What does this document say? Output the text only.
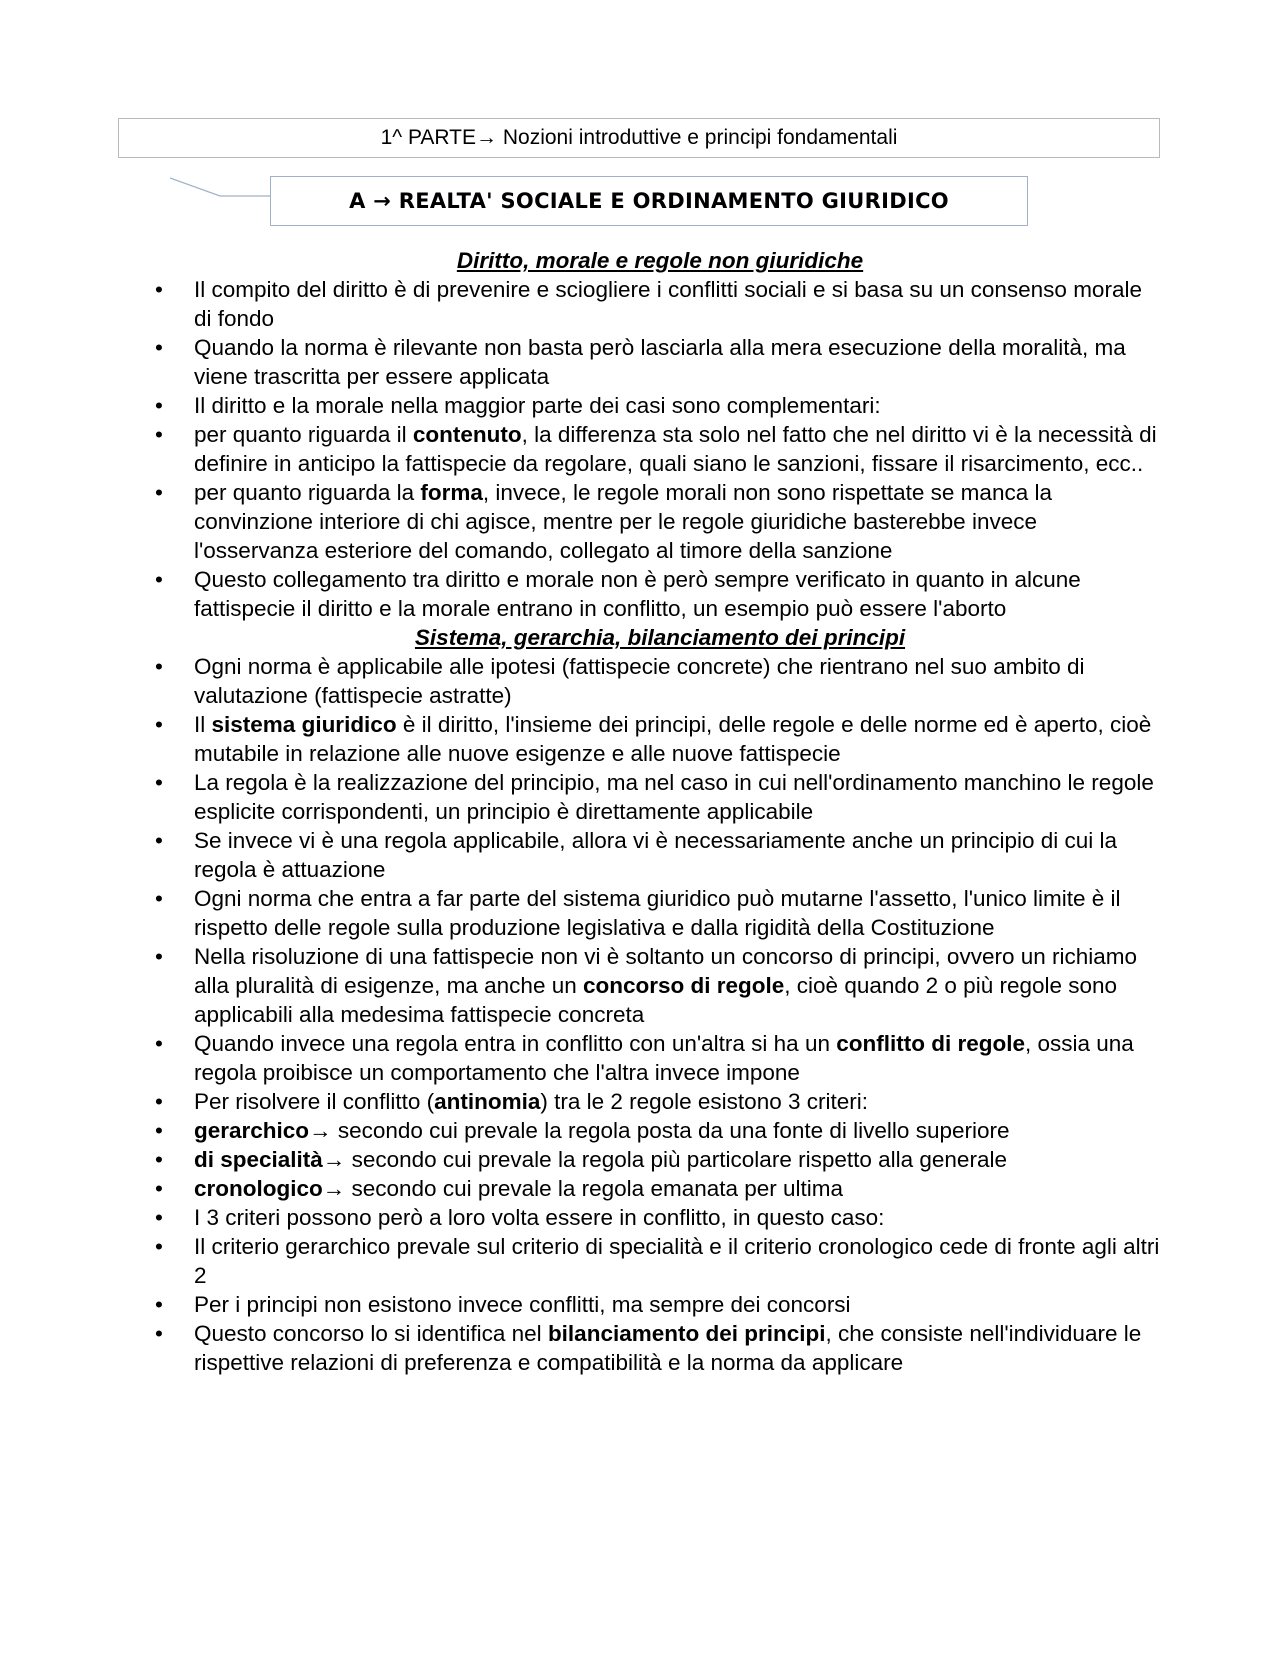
1^ PARTE→ Nozioni introduttive e principi fondamentali
A → REALTA' SOCIALE E ORDINAMENTO GIURIDICO
Diritto, morale e regole non giuridiche
• Il compito del diritto è di prevenire e sciogliere i conflitti sociali e si basa su un consenso morale di fondo
• Quando la norma è rilevante non basta però lasciarla alla mera esecuzione della moralità, ma viene trascritta per essere applicata
• Il diritto e la morale nella maggior parte dei casi sono complementari:
• per quanto riguarda il contenuto, la differenza sta solo nel fatto che nel diritto vi è la necessità di definire in anticipo la fattispecie da regolare, quali siano le sanzioni, fissare il risarcimento, ecc..
• per quanto riguarda la forma, invece, le regole morali non sono rispettate se manca la convinzione interiore di chi agisce, mentre per le regole giuridiche basterebbe invece l'osservanza esteriore del comando, collegato al timore della sanzione
• Questo collegamento tra diritto e morale non è però sempre verificato in quanto in alcune fattispecie il diritto e la morale entrano in conflitto, un esempio può essere l'aborto
Sistema, gerarchia, bilanciamento dei principi
• Ogni norma è applicabile alle ipotesi (fattispecie concrete) che rientrano nel suo ambito di valutazione (fattispecie astratte)
• Il sistema giuridico è il diritto, l'insieme dei principi, delle regole e delle norme ed è aperto, cioè mutabile in relazione alle nuove esigenze e alle nuove fattispecie
• La regola è la realizzazione del principio, ma nel caso in cui nell'ordinamento manchino le regole esplicite corrispondenti, un principio è direttamente applicabile
• Se invece vi è una regola applicabile, allora vi è necessariamente anche un principio di cui la regola è attuazione
• Ogni norma che entra a far parte del sistema giuridico può mutarne l'assetto, l'unico limite è il rispetto delle regole sulla produzione legislativa e dalla rigidità della Costituzione
• Nella risoluzione di una fattispecie non vi è soltanto un concorso di principi, ovvero un richiamo alla pluralità di esigenze, ma anche un concorso di regole, cioè quando 2 o più regole sono applicabili alla medesima fattispecie concreta
• Quando invece una regola entra in conflitto con un'altra si ha un conflitto di regole, ossia una regola proibisce un comportamento che l'altra invece impone
• Per risolvere il conflitto (antinomia) tra le 2 regole esistono 3 criteri:
• gerarchico→ secondo cui prevale la regola posta da una fonte di livello superiore
• di specialità→ secondo cui prevale la regola più particolare rispetto alla generale
• cronologico→ secondo cui prevale la regola emanata per ultima
• I 3 criteri possono però a loro volta essere in conflitto, in questo caso:
• Il criterio gerarchico prevale sul criterio di specialità e il criterio cronologico cede di fronte agli altri 2
• Per i principi non esistono invece conflitti, ma sempre dei concorsi
• Questo concorso lo si identifica nel bilanciamento dei principi, che consiste nell'individuare le rispettive relazioni di preferenza e compatibilità e la norma da applicare
